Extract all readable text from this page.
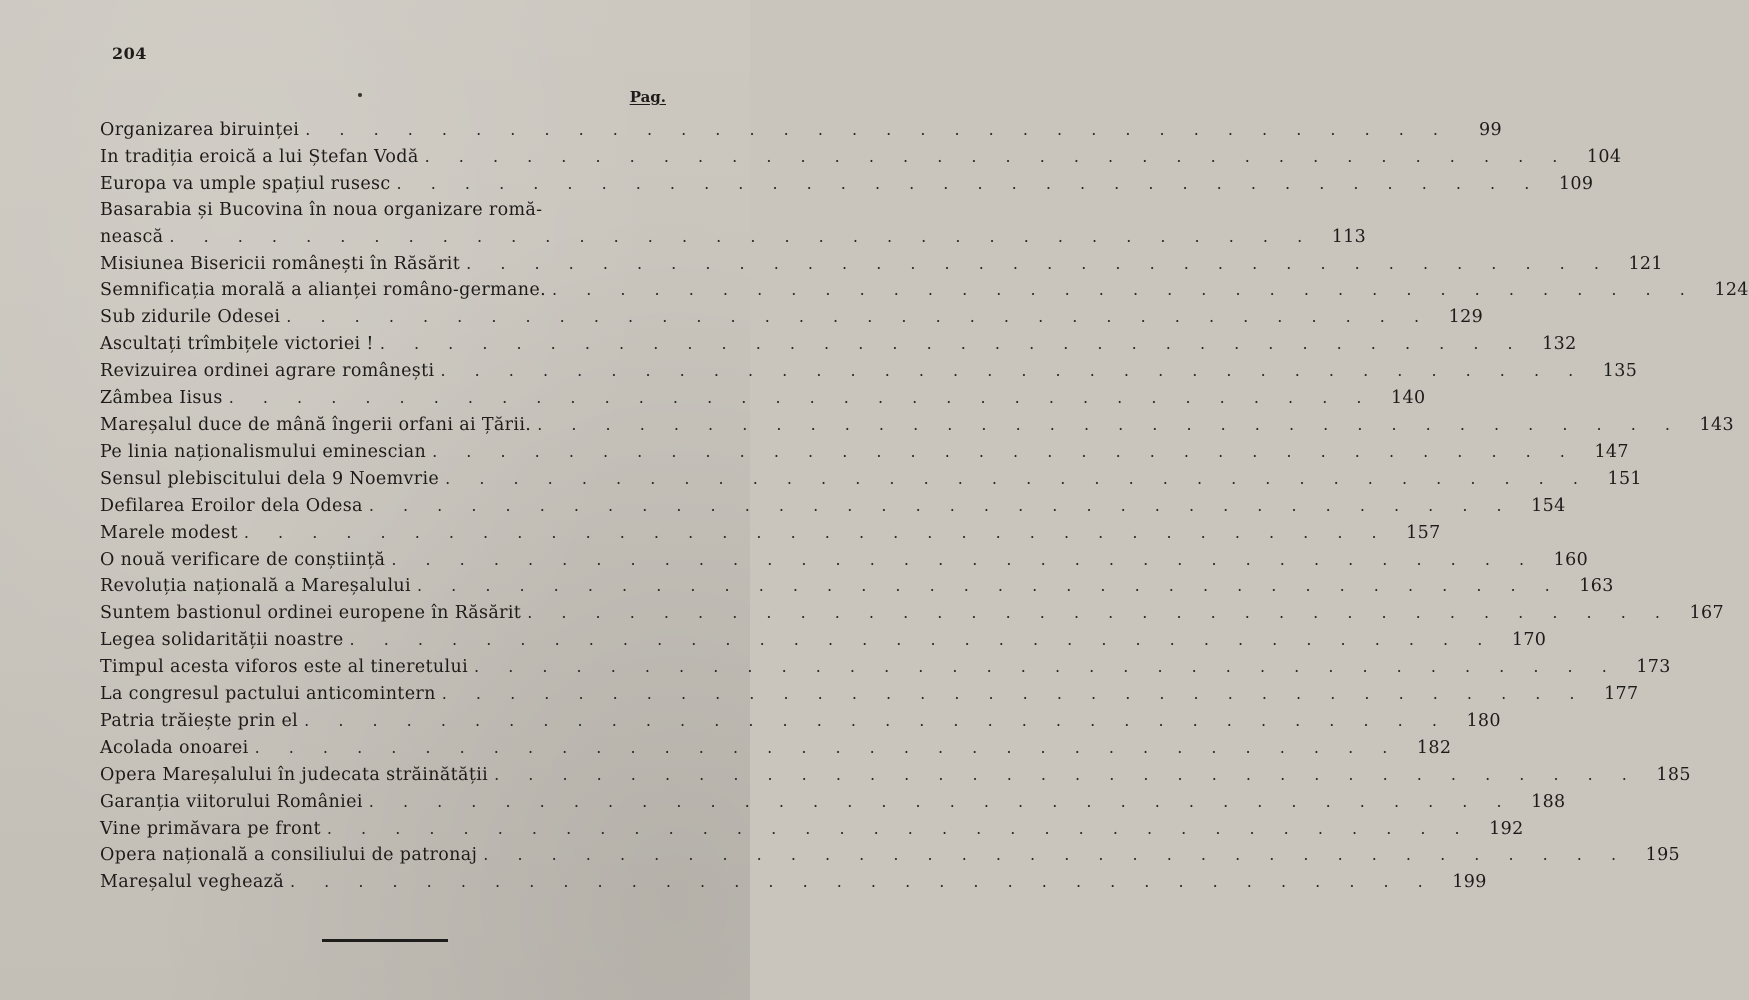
204
Pag.
Organizarea biruinței . . . . . . . . . . . . . . . . . . . . . . . . . . . . . . . . . .	99
In tradiția eroică a lui Ștefan Vodă . . . . . . . . . . . . . . . . . . . . . . . . . . . . . . . . . .	104
Europa va umple spațiul rusesc . . . . . . . . . . . . . . . . . . . . . . . . . . . . . . . . . .	109
Basarabia și Bucovina în noua organizare romă-
nească . . . . . . . . . . . . . . . . . . . . . . . . . . . . . . . . . .	113
Misiunea Bisericii românești în Răsărit . . . . . . . . . . . . . . . . . . . . . . . . . . . . . . . . . .	121
Semnificația morală a alianței româno-germane. . . . . . . . . . . . . . . . . . . . . . . . . . . . . . . . . . .	124
Sub zidurile Odesei . . . . . . . . . . . . . . . . . . . . . . . . . . . . . . . . . .	129
Ascultați trîmbițele victoriei ! . . . . . . . . . . . . . . . . . . . . . . . . . . . . . . . . . .	132
Revizuirea ordinei agrare românești . . . . . . . . . . . . . . . . . . . . . . . . . . . . . . . . . .	135
Zâmbea Iisus . . . . . . . . . . . . . . . . . . . . . . . . . . . . . . . . . .	140
Mareșalul duce de mână îngerii orfani ai Țării. . . . . . . . . . . . . . . . . . . . . . . . . . . . . . . . . . .	143
Pe linia naționalismului eminescian . . . . . . . . . . . . . . . . . . . . . . . . . . . . . . . . . .	147
Sensul plebiscitului dela 9 Noemvrie . . . . . . . . . . . . . . . . . . . . . . . . . . . . . . . . . .	151
Defilarea Eroilor dela Odesa . . . . . . . . . . . . . . . . . . . . . . . . . . . . . . . . . .	154
Marele modest . . . . . . . . . . . . . . . . . . . . . . . . . . . . . . . . . .	157
O nouă verificare de conștiință . . . . . . . . . . . . . . . . . . . . . . . . . . . . . . . . . .	160
Revoluția națională a Mareșalului . . . . . . . . . . . . . . . . . . . . . . . . . . . . . . . . . .	163
Suntem bastionul ordinei europene în Răsărit . . . . . . . . . . . . . . . . . . . . . . . . . . . . . . . . . .	167
Legea solidarității noastre . . . . . . . . . . . . . . . . . . . . . . . . . . . . . . . . . .	170
Timpul acesta viforos este al tineretului . . . . . . . . . . . . . . . . . . . . . . . . . . . . . . . . . .	173
La congresul pactului anticomintern . . . . . . . . . . . . . . . . . . . . . . . . . . . . . . . . . .	177
Patria trăiește prin el . . . . . . . . . . . . . . . . . . . . . . . . . . . . . . . . . .	180
Acolada onoarei . . . . . . . . . . . . . . . . . . . . . . . . . . . . . . . . . .	182
Opera Mareșalului în judecata străinătății . . . . . . . . . . . . . . . . . . . . . . . . . . . . . . . . . .	185
Garanția viitorului României . . . . . . . . . . . . . . . . . . . . . . . . . . . . . . . . . .	188
Vine primăvara pe front . . . . . . . . . . . . . . . . . . . . . . . . . . . . . . . . . .	192
Opera națională a consiliului de patronaj . . . . . . . . . . . . . . . . . . . . . . . . . . . . . . . . . .	195
Mareșalul veghează . . . . . . . . . . . . . . . . . . . . . . . . . . . . . . . . . .	199
